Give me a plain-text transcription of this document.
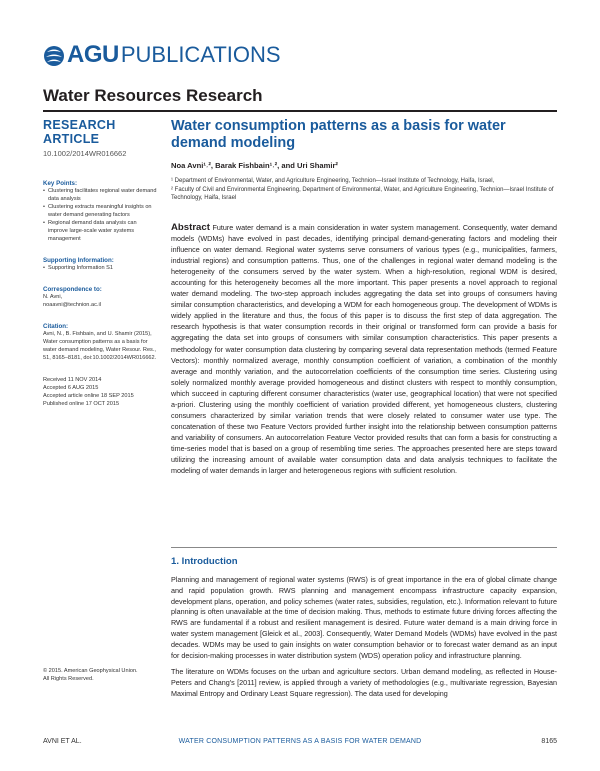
AGU PUBLICATIONS
Water Resources Research
RESEARCH ARTICLE
10.1002/2014WR016662
Key Points:
• Clustering facilitates regional water demand data analysis
• Clustering extracts meaningful insights on water demand generating factors
• Regional demand data analysis can improve large-scale water systems management
Supporting Information:
• Supporting Information S1
Correspondence to:
N. Avni,
noaavni@technion.ac.il
Citation:
Avni, N., B. Fishbain, and U. Shamir (2015), Water consumption patterns as a basis for water demand modeling, Water Resour. Res., 51, 8165–8181, doi:10.1002/2014WR016662.
Received 11 NOV 2014
Accepted 6 AUG 2015
Accepted article online 18 SEP 2015
Published online 17 OCT 2015
© 2015. American Geophysical Union.
All Rights Reserved.
Water consumption patterns as a basis for water
demand modeling
Noa Avni¹˒², Barak Fishbain¹˒², and Uri Shamir²
¹ Department of Environmental, Water, and Agriculture Engineering, Technion—Israel Institute of Technology, Haifa, Israel,
² Faculty of Civil and Environmental Engineering, Department of Environmental, Water, and Agriculture Engineering, Technion—Israel Institute of Technology, Haifa, Israel
Abstract Future water demand is a main consideration in water system management. Consequently, water demand models (WDMs) have evolved in past decades, identifying principal demand-generating factors and modeling their influence on water demand. Regional water systems serve consumers of various types (e.g., municipalities, farmers, industrial regions) and consumption patterns. Thus, one of the challenges in regional water demand modeling is the heterogeneity of the consumers served by the water system. When a high-resolution, regional WDM is desired, accounting for this heterogeneity becomes all the more important. This paper presents a novel approach to regional water demand modeling. The two-step approach includes aggregating the data set into groups of consumers having similar consumption characteristics, and developing a WDM for each homogeneous group. The development of WDMs is widely applied in the literature and thus, the focus of this paper is to discuss the first step of data aggregation. The research hypothesis is that water consumption records in their original or transformed form can provide a basis for aggregating the data set into groups of consumers with similar consumption characteristics. This paper presents a methodology for water consumption data clustering by comparing several data representation methods (termed Feature Vectors): monthly normalized average, monthly consumption coefficient of variation, a combination of the monthly average and monthly variation, and the autocorrelation coefficients of the consumption time series. Clustering using solely normalized monthly average provided homogeneous and distinct clusters with respect to monthly consumption, which succeed in capturing different consumer characteristics (water use, geographical location) that were not specified a-priori. Clustering using the monthly coefficient of variation provided different, yet homogeneous clusters, clustering consumers characterized by similar variation trends that were closely related to consumer water use type. The concatenation of these two Feature Vectors provided further insight into the relationship between consumption patterns and variability of consumers. An autocorrelation Feature Vector provided results that can form a basis for constructing a time-series model that is based on a group of resembling time series. The approaches presented here are steps toward utilizing the increasing amount of available water consumption data and data analysis techniques to facilitate the modeling of water demands in larger and heterogeneous regions with sufficient resolution.
1. Introduction

Planning and management of regional water systems (RWS) is of great importance in the era of global climate change and rapid population growth. RWS planning and management encompass infrastructure capacity expansion, development plans, operation, and policy schemes (water rates, subsidies, regulation, etc.). Information relevant to future planning is often unavailable at the time of decision making. Thus, methods to estimate future driving forces affecting the RWS are fundamental if a robust and resilient management is desired. Future water demand is a main driving force in water system management [Gleick et al., 2003]. Consequently, Water Demand Models (WDMs) have evolved in the past decades. WDMs may be used to gain insights on water consumption behavior or to forecast water demand as an input for decision-making processes in water distribution system (WDS) operation policy and infrastructure planning.

The literature on WDMs focuses on the urban and agriculture sectors. Urban demand modeling, as reflected in House-Peters and Chang's [2011] review, is applied through a variety of methodologies (e.g., multivariate regression, Bayesian Maximal Entropy and Ordinary Least Square regression). The data used for developing

AVNI ET AL.	WATER CONSUMPTION PATTERNS AS A BASIS FOR WATER DEMAND	8165
